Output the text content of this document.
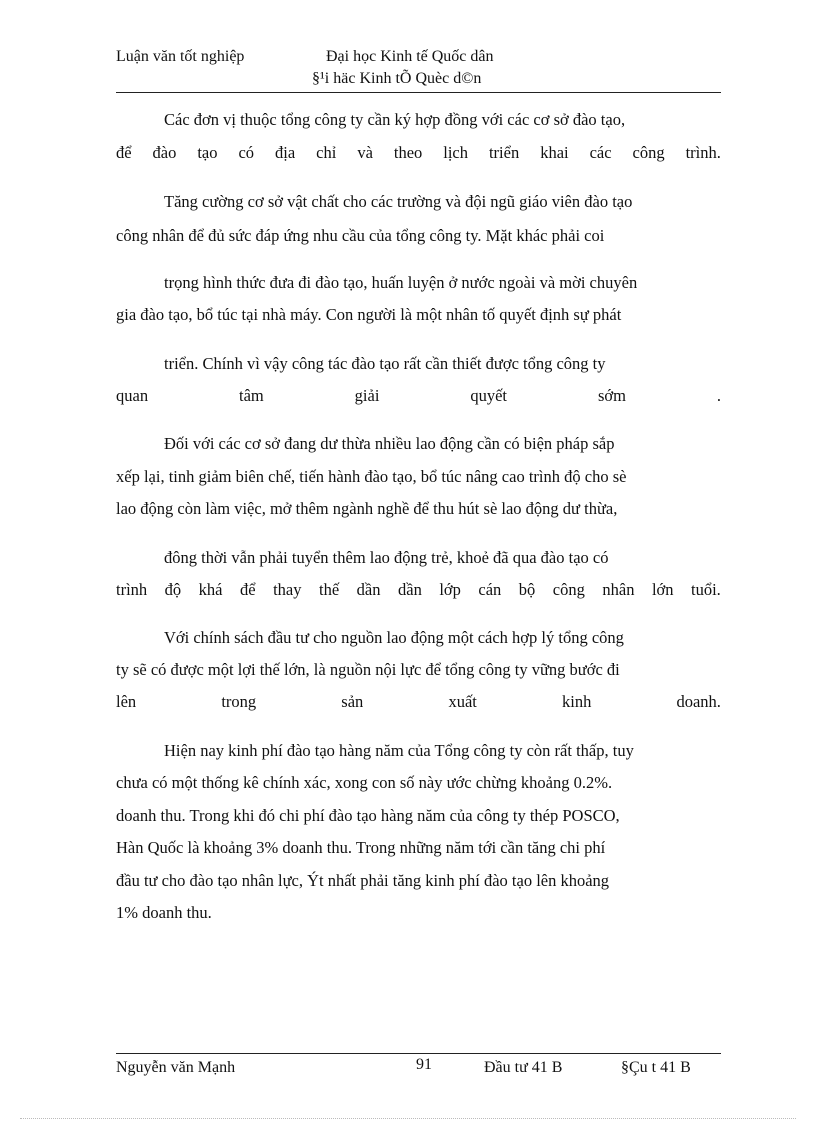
Luận văn tốt nghiệp	Đại học Kinh tế Quốc dân
§¹i häc Kinh tÕ Quèc d©n
Các đơn vị thuộc tổng công ty cần ký hợp đồng với các cơ sở đào tạo,
để đào tạo có địa chỉ và theo lịch triển khai các công trình.
Tăng cường cơ sở vật chất cho các trường và đội ngũ giáo viên đào tạo
công nhân để đủ sức đáp ứng nhu cầu của tổng công ty. Mặt khác phải coi
trọng hình thức đưa đi đào tạo, huấn luyện ở nước ngoài và mời chuyên
gia đào tạo, bổ túc tại nhà máy. Con người là một nhân tố quyết định sự phát
triển. Chính vì vậy công tác đào tạo rất cần thiết được tổng công ty
quan	tâm	giải	quyết	sớm	.
Đối với các cơ sở đang dư thừa nhiều lao động cần có biện pháp sắp
xếp lại, tinh giảm biên chế, tiến hành đào tạo, bổ túc nâng cao trình độ cho sè
lao động còn làm việc, mở thêm ngành nghề để thu hút sè lao động dư thừa,
đông thời vẫn phải tuyển thêm lao động trẻ, khoẻ đã qua đào tạo có
trình độ khá để thay thế dần dần lớp cán bộ công nhân lớn tuổi.
Với chính sách đầu tư cho nguồn lao động một cách hợp lý tổng công
ty sẽ có được một lợi thế lớn, là nguồn nội lực để tổng công ty vững bước đi
lên	trong	sản	xuất	kinh	doanh.
Hiện nay kinh phí đào tạo hàng năm của Tổng công ty còn rất thấp, tuy
chưa có một thống kê chính xác, xong con số này ước chừng khoảng 0.2%.
doanh thu. Trong khi đó chi phí đào tạo hàng năm của công ty thép POSCO,
Hàn Quốc là khoảng 3% doanh thu. Trong những năm tới cần tăng chi phí
đầu tư cho đào tạo nhân lực, Ýt nhất phải tăng kinh phí đào tạo lên khoảng
1% doanh thu.
Nguyễn văn Mạnh	91	Đầu tư 41 B	§Çu t 41 B
